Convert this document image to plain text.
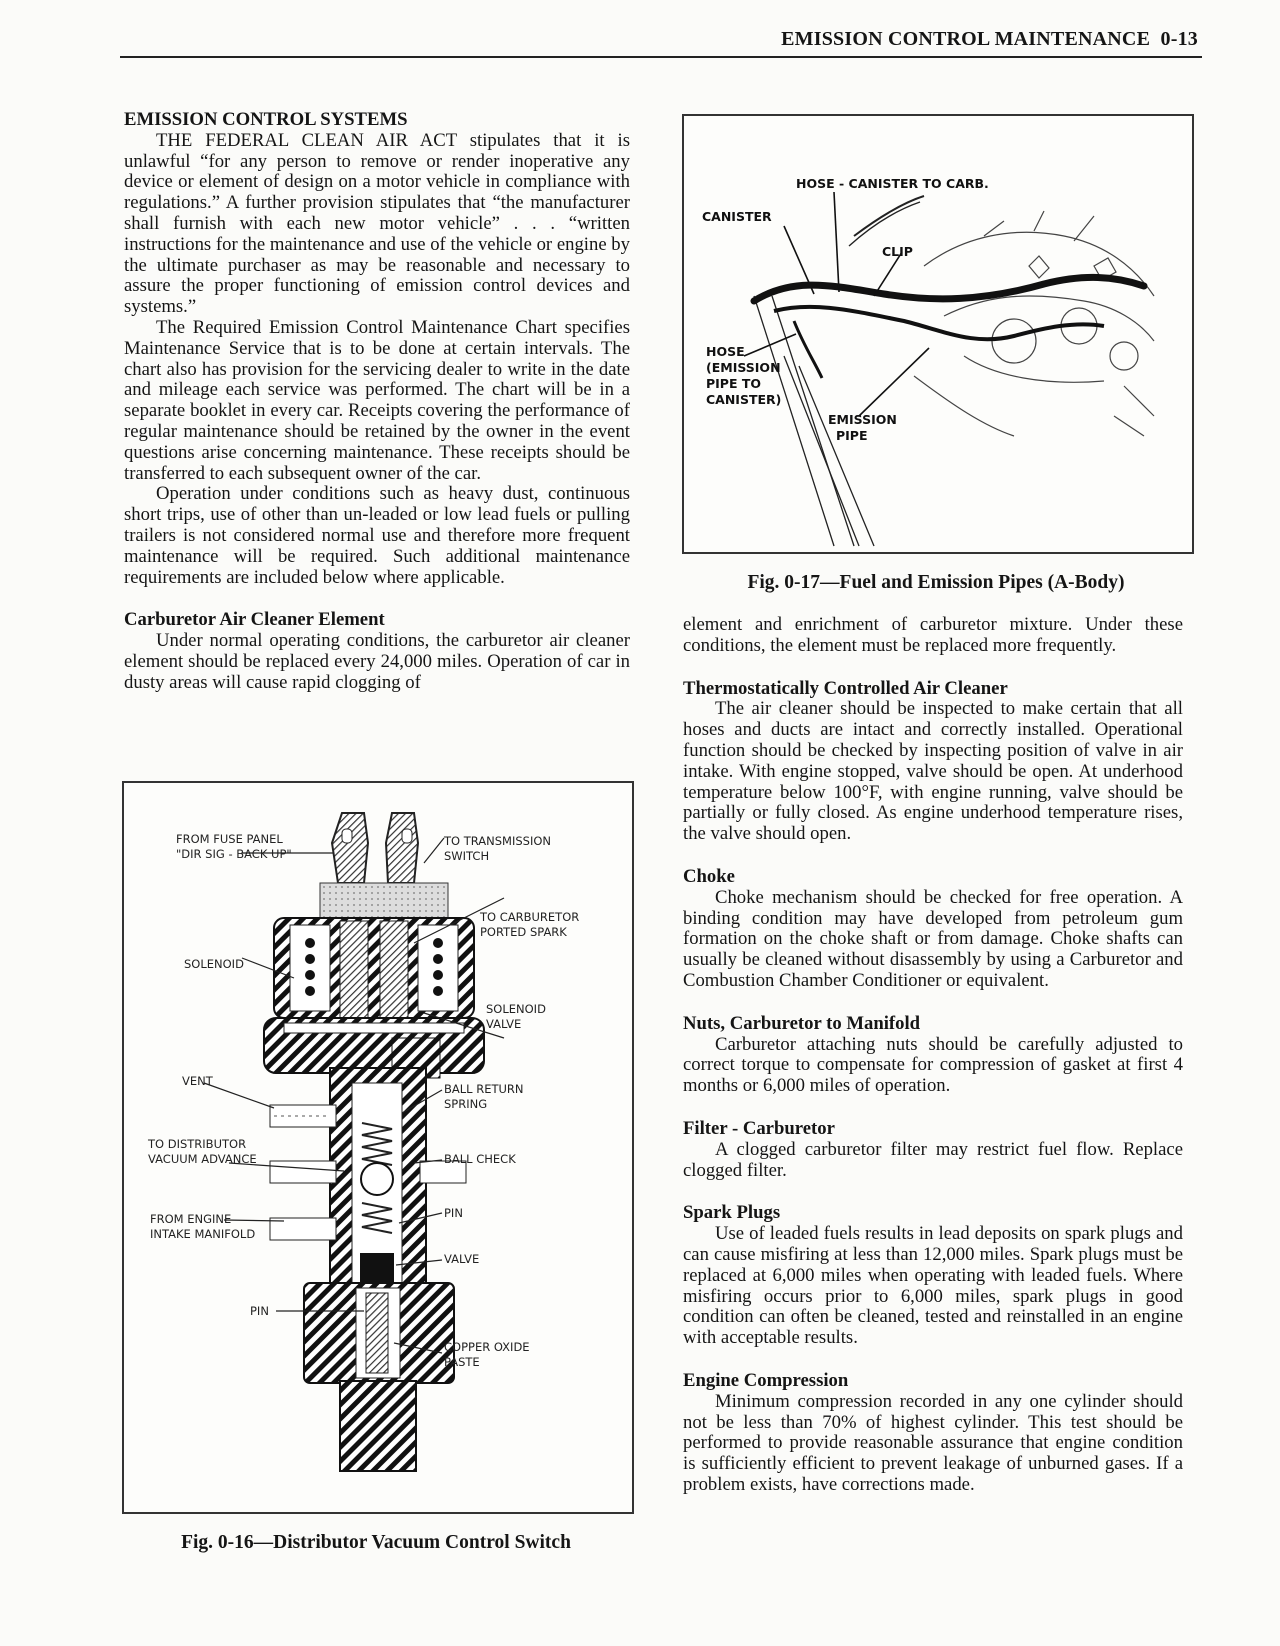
EMISSION CONTROL MAINTENANCE 0-13
EMISSION CONTROL SYSTEMS

THE FEDERAL CLEAN AIR ACT stipulates that it is unlawful “for any person to remove or render inoperative any device or element of design on a motor vehicle in compliance with regulations.” A further provision stipulates that “the manufacturer shall furnish with each new motor vehicle” . . . “written instructions for the maintenance and use of the vehicle or engine by the ultimate purchaser as may be reasonable and necessary to assure the proper functioning of emission control devices and systems.”

The Required Emission Control Maintenance Chart specifies Maintenance Service that is to be done at certain intervals. The chart also has provision for the servicing dealer to write in the date and mileage each service was performed. The chart will be in a separate booklet in every car. Receipts covering the performance of regular maintenance should be retained by the owner in the event questions arise concerning maintenance. These receipts should be transferred to each subsequent owner of the car.

Operation under conditions such as heavy dust, continuous short trips, use of other than un-leaded or low lead fuels or pulling trailers is not considered normal use and therefore more frequent maintenance will be required. Such additional maintenance requirements are included below where applicable.

Carburetor Air Cleaner Element

Under normal operating conditions, the carburetor air cleaner element should be replaced every 24,000 miles. Operation of car in dusty areas will cause rapid clogging of

FROM FUSE PANEL
"DIR SIG - BACK UP"
TO TRANSMISSION
SWITCH
TO CARBURETOR
PORTED SPARK
SOLENOID
SOLENOID
VALVE
VENT
BALL RETURN
SPRING
TO DISTRIBUTOR
VACUUM ADVANCE	BALL CHECK
FROM ENGINE
INTAKE MANIFOLD
PIN
VALVE
PIN
COPPER OXIDE
PASTE
Fig. 0-16—Distributor Vacuum Control Switch
HOSE - CANISTER TO CARB.
CANISTER
CLIP
HOSE
(EMISSION
PIPE TO
CANISTER)
EMISSION
PIPE
Fig. 0-17—Fuel and Emission Pipes (A-Body)

element and enrichment of carburetor mixture. Under these conditions, the element must be replaced more frequently.

Thermostatically Controlled Air Cleaner

The air cleaner should be inspected to make certain that all hoses and ducts are intact and correctly installed. Operational function should be checked by inspecting position of valve in air intake. With engine stopped, valve should be open. At underhood temperature below 100°F, with engine running, valve should be partially or fully closed. As engine underhood temperature rises, the valve should open.

Choke

Choke mechanism should be checked for free operation. A binding condition may have developed from petroleum gum formation on the choke shaft or from damage. Choke shafts can usually be cleaned without disassembly by using a Carburetor and Combustion Chamber Conditioner or equivalent.

Nuts, Carburetor to Manifold

Carburetor attaching nuts should be carefully adjusted to correct torque to compensate for compression of gasket at first 4 months or 6,000 miles of operation.

Filter - Carburetor

A clogged carburetor filter may restrict fuel flow. Replace clogged filter.

Spark Plugs

Use of leaded fuels results in lead deposits on spark plugs and can cause misfiring at less than 12,000 miles. Spark plugs must be replaced at 6,000 miles when operating with leaded fuels. Where misfiring occurs prior to 6,000 miles, spark plugs in good condition can often be cleaned, tested and reinstalled in an engine with acceptable results.

Engine Compression

Minimum compression recorded in any one cylinder should not be less than 70% of highest cylinder. This test should be performed to provide reasonable assurance that engine condition is sufficiently efficient to prevent leakage of unburned gases. If a problem exists, have corrections made.
